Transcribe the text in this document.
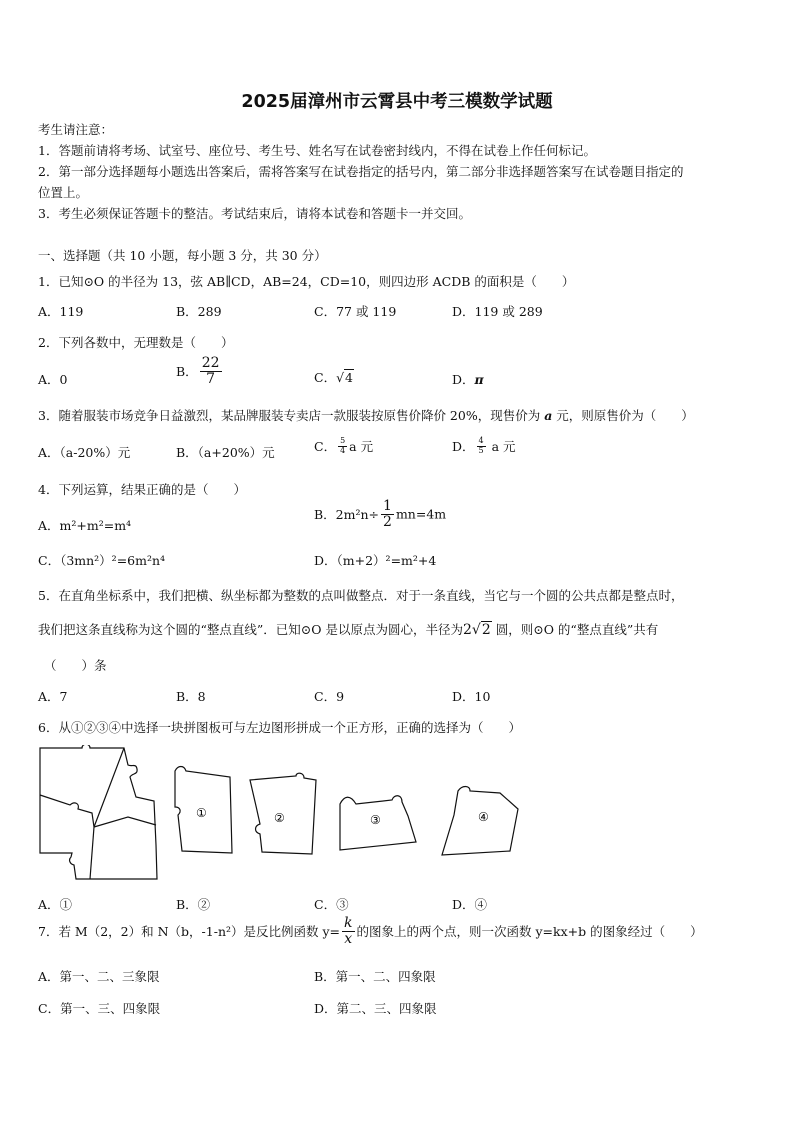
2025届漳州市云霄县中考三模数学试题
考生请注意：
1．答题前请将考场、试室号、座位号、考生号、姓名写在试卷密封线内，不得在试卷上作任何标记。
2．第一部分选择题每小题选出答案后，需将答案写在试卷指定的括号内，第二部分非选择题答案写在试卷题目指定的
位置上。
3．考生必须保证答题卡的整洁。考试结束后，请将本试卷和答题卡一并交回。
一、选择题（共 10 小题，每小题 3 分，共 30 分）
1．已知⊙O 的半径为 13，弦 AB∥CD，AB=24，CD=10，则四边形 ACDB 的面积是（　　）
A．119	B．289	C．77 或 119	D．119 或 289
2．下列各数中，无理数是（　　）
A．0
B． $\frac{22}{7}$	C．√4	D．π
3．随着服装市场竞争日益激烈，某品牌服装专卖店一款服装按原售价降价 20%，现售价为 a 元，则原售价为（　　）
A．（a-20%）元	B．（a+20%）元	C． $\frac{5}{4}$ a 元	D． $\frac{4}{5}$ a 元
4．下列运算，结果正确的是（　　）
A．m²+m²=m⁴
B．$2m^2n\div \frac{1}{2} mn=4m$
C．（3mn²）²=6m²n⁴	D．（m+2）²=m²+4
5．在直角坐标系中，我们把横、纵坐标都为整数的点叫做整点．对于一条直线，当它与一个圆的公共点都是整点时，
我们把这条直线称为这个圆的“整点直线”．已知⊙O 是以原点为圆心，半径为2√2 圆，则⊙O 的“整点直线”共有
（　　）条
A．7	B．8	C．9	D．10
6．从①②③④中选择一块拼图板可与左边图形拼成一个正方形，正确的选择为（　　）
①	②	③	④
A．①	B．②	C．③	D．④
7．若 M（2，2）和 N（b，-1-n²）是反比例函数 $y= \frac{k}{x}$ 的图象上的两个点，则一次函数 y=kx+b 的图象经过（　　）
A．第一、二、三象限	B．第一、二、四象限
C．第一、三、四象限	D．第二、三、四象限
